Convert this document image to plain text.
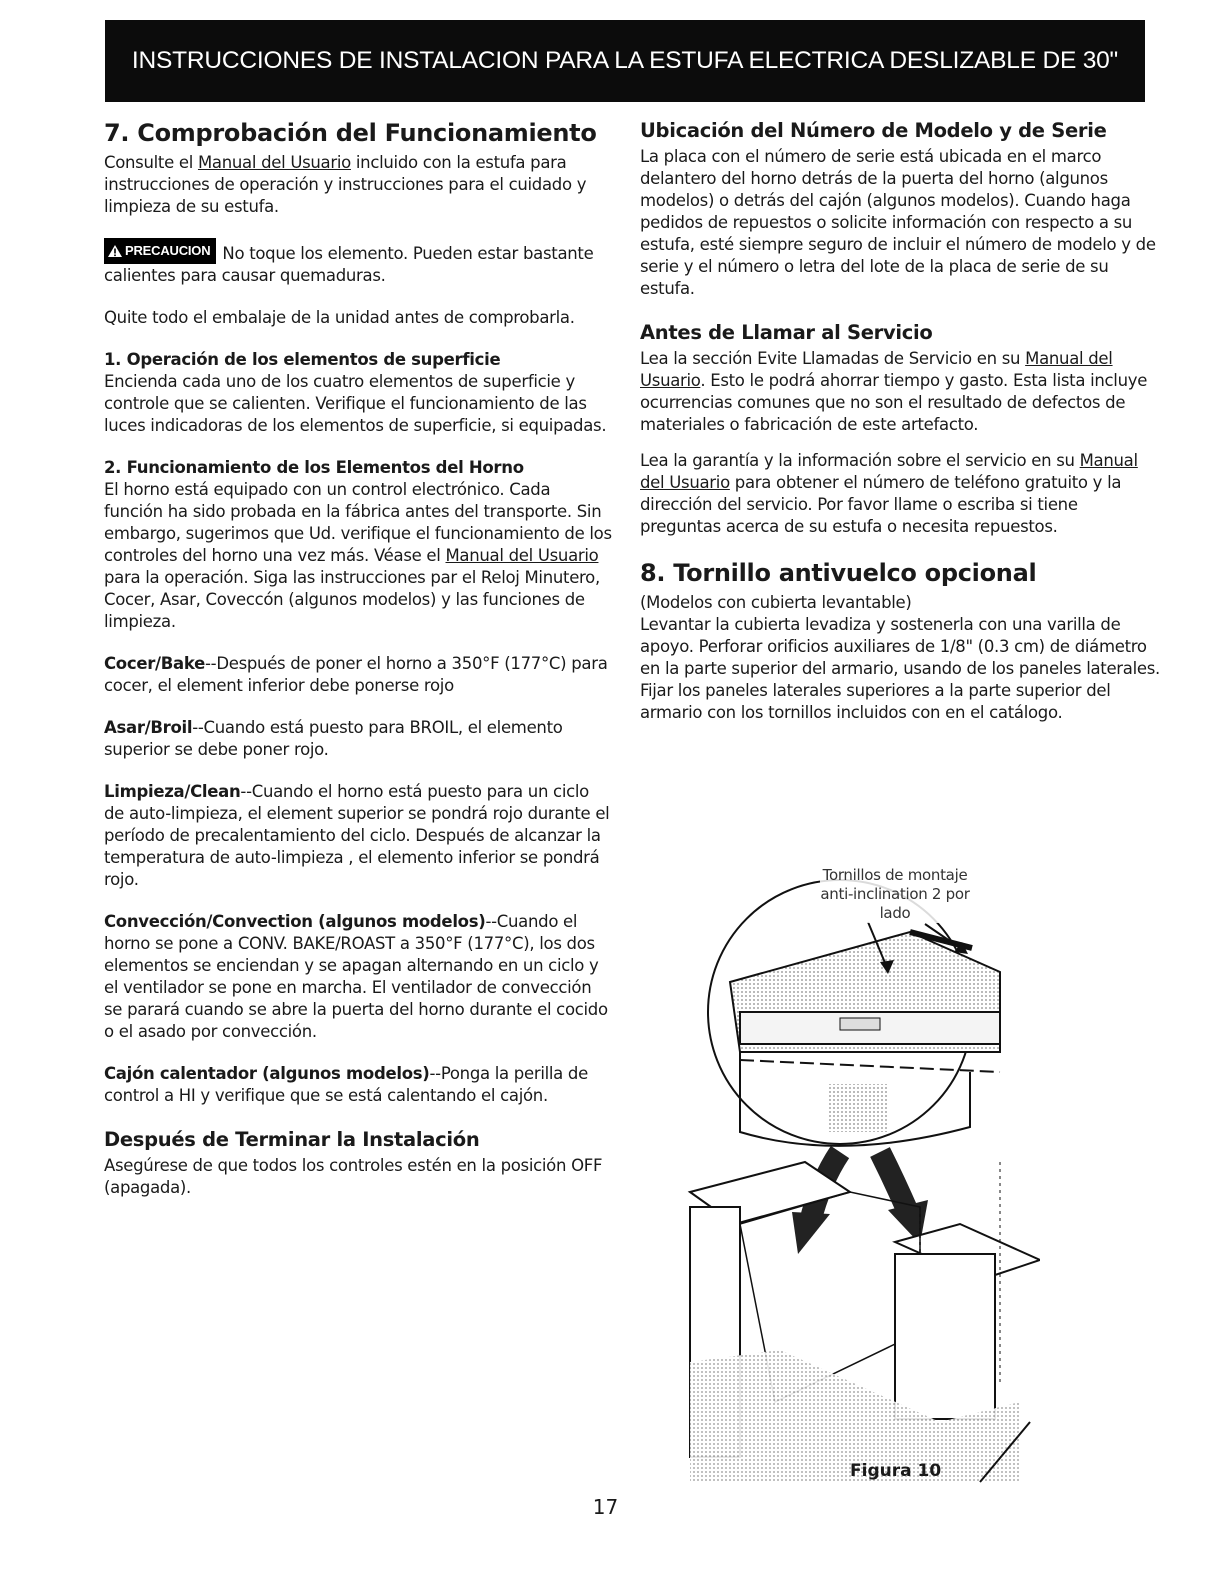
INSTRUCCIONES DE INSTALACION PARA LA ESTUFA ELECTRICA DESLIZABLE DE 30"
7. Comprobación del Funcionamiento

Consulte el Manual del Usuario incluido con la estufa para instrucciones de operación y instrucciones para el cuidado y limpieza de su estufa.

PRECAUCION No toque los elemento. Pueden estar bastante calientes para causar quemaduras.

Quite todo el embalaje de la unidad antes de comprobarla.

1. Operación de los elementos de superficie

Encienda cada uno de los cuatro elementos de superficie y controle que se calienten. Verifique el funcionamiento de las luces indicadoras de los elementos de superficie, si equipadas.

2. Funcionamiento de los Elementos del Horno

El horno está equipado con un control electrónico. Cada función ha sido probada en la fábrica antes del transporte. Sin embargo, sugerimos que Ud. verifique el funcionamiento de los controles del horno una vez más. Véase el Manual del Usuario para la operación. Siga las instrucciones par el Reloj Minutero, Cocer, Asar, Coveccón (algunos modelos) y las funciones de limpieza.

Cocer/Bake--Después de poner el horno a 350°F (177°C) para cocer, el element inferior debe ponerse rojo

Asar/Broil--Cuando está puesto para BROIL, el elemento superior se debe poner rojo.

Limpieza/Clean--Cuando el horno está puesto para un ciclo de auto-limpieza, el element superior se pondrá rojo durante el período de precalentamiento del ciclo. Después de alcanzar la temperatura de auto-limpieza , el elemento inferior se pondrá rojo.

Convección/Convection (algunos modelos)--Cuando el horno se pone a CONV. BAKE/ROAST a 350°F (177°C), los dos elementos se enciendan y se apagan alternando en un ciclo y el ventilador se pone en marcha. El ventilador de convección se parará cuando se abre la puerta del horno durante el cocido o el asado por convección.

Cajón calentador (algunos modelos)--Ponga la perilla de control a HI y verifique que se está calentando el cajón.

Después de Terminar la Instalación

Asegúrese de que todos los controles estén en la posición OFF (apagada).

Ubicación del Número de Modelo y de Serie

La placa con el número de serie está ubicada en el marco delantero del horno detrás de la puerta del horno (algunos modelos) o detrás del cajón (algunos modelos). Cuando haga pedidos de repuestos o solicite información con respecto a su estufa, esté siempre seguro de incluir el número de modelo y de serie y el número o letra del lote de la placa de serie de su estufa.

Antes de Llamar al Servicio

Lea la sección Evite Llamadas de Servicio en su Manual del Usuario. Esto le podrá ahorrar tiempo y gasto. Esta lista incluye ocurrencias comunes que no son el resultado de defectos de materiales o fabricación de este artefacto.

Lea la garantía y la información sobre el servicio en su Manual del Usuario para obtener el número de teléfono gratuito y la dirección del servicio. Por favor llame o escriba si tiene preguntas acerca de su estufa o necesita repuestos.

8. Tornillo antivuelco opcional

(Modelos con cubierta levantable)

Levantar la cubierta levadiza y sostenerla con una varilla de apoyo. Perforar orificios auxiliares de 1/8" (0.3 cm) de diámetro en la parte superior del armario, usando de los paneles laterales. Fijar los paneles laterales superiores a la parte superior del armario con los tornillos incluidos con en el catálogo.

Tornillos de montaje anti-inclination 2 por lado
Figura 10
17
